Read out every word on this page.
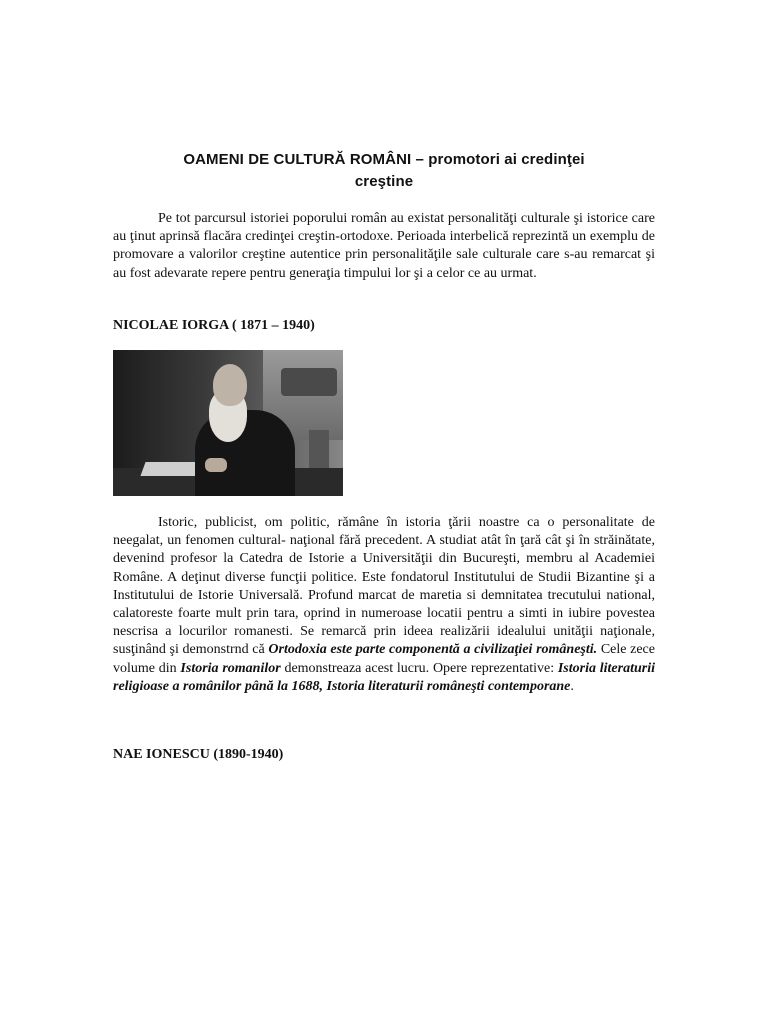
OAMENI DE CULTURĂ ROMÂNI – promotori ai credinţei
creştine

Pe tot parcursul istoriei poporului român au existat personalităţi culturale şi istorice care au ţinut aprinsă flacăra credinţei creştin-ortodoxe. Perioada interbelică reprezintă un exemplu de promovare a valorilor creştine autentice prin personalităţile sale culturale care s-au remarcat şi au fost adevarate repere pentru generaţia timpului lor şi a celor ce au urmat.

NICOLAE IORGA ( 1871 – 1940)

Istoric, publicist, om politic, rămâne în istoria ţării noastre ca o personalitate de neegalat, un fenomen cultural- naţional fără precedent. A studiat atât în ţară cât şi în străinătate, devenind profesor la Catedra de Istorie a Universităţii din Bucureşti, membru al Academiei Române. A deţinut diverse funcţii politice. Este fondatorul Institutului de Studii Bizantine şi a Institutului de Istorie Universală. Profund marcat de maretia si demnitatea trecutului national, calatoreste foarte mult prin tara, oprind in numeroase locatii pentru a simti in iubire povestea nescrisa a locurilor romanesti. Se remarcă prin ideea realizării idealului unităţii naţionale, susţinând şi demonstrnd că Ortodoxia este parte componentă a civilizaţiei româneşti. Cele zece volume din Istoria romanilor demonstreaza acest lucru. Opere reprezentative: Istoria literaturii religioase a românilor până la 1688, Istoria literaturii româneşti contemporane.

NAE IONESCU (1890-1940)
